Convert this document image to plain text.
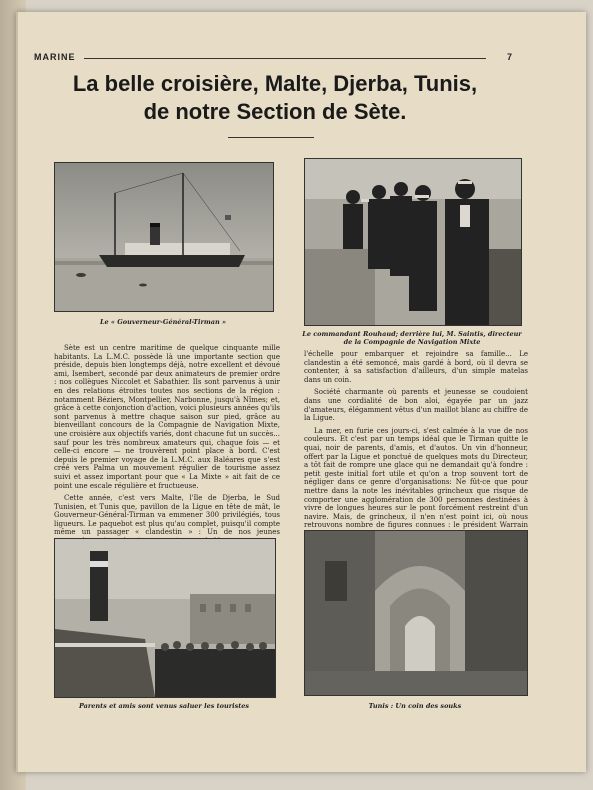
MARINE	7
La belle croisière, Malte, Djerba, Tunis,
de notre Section de Sète.
Le « Gouverneur-Général-Tirman »
Le commandant Rouhaud; derrière lui, M. Saintis, directeur
de la Compagnie de Navigation Mixte

Sète est un centre maritime de quelque cinquante mille habitants. La L.M.C. possède là une importante section que préside, depuis bien longtemps déjà, notre excellent et dévoué ami, Isembert, secondé par deux animateurs de premier ordre : nos collègues Niccolet et Sabathier. Ils sont parvenus à unir en des relations étroites toutes nos sections de la région : notamment Béziers, Montpellier, Narbonne, jusqu'à Nîmes; et, grâce à cette conjonction d'action, voici plusieurs années qu'ils sont parvenus à mettre chaque saison sur pied, grâce au bienveillant concours de la Compagnie de Navigation Mixte, une croisière aux objectifs variés, dont chacune fut un succès... sauf pour les très nombreux amateurs qui, chaque fois — et celle-ci encore — ne trouvèrent point place à bord. C'est depuis le premier voyage de la L.M.C. aux Baléares que s'est créé vers Palma un mouvement régulier de tourisme assez suivi et assez important pour que « La Mixte » ait fait de ce point une escale régulière et fructueuse.

Cette année, c'est vers Malte, l'île de Djerba, le Sud Tunisien, et Tunis que, pavillon de la Ligue en tête de mât, le Gouverneur-Général-Tirman va emmener 300 privilégiés, tous ligueurs. Le paquebot est plus qu'au complet, puisqu'il compte même un passager « clandestin » : Un de nos jeunes

l'échelle pour embarquer et rejoindre sa famille... Le clandestin a été semoncé, mais gardé à bord, où il devra se contenter, à sa satisfaction d'ailleurs, d'un simple matelas dans un coin.

Société charmante où parents et jeunesse se coudoient dans une cordialité de bon aloi, égayée par un jazz d'amateurs, élégamment vêtus d'un maillot blanc au chiffre de la Ligue.

La mer, en furie ces jours-ci, s'est calmée à la vue de nos couleurs. Et c'est par un temps idéal que le Tirman quitte le quai, noir de parents, d'amis, et d'autos. Un vin d'honneur, offert par la Ligue et ponctué de quelques mots du Directeur, a tôt fait de rompre une glace qui ne demandait qu'à fondre : petit geste initial fort utile et qu'on a trop souvent tort de négliger dans ce genre d'organisations: Ne fût-ce que pour mettre dans la note les inévitables grincheux que risque de comporter une agglomération de 300 personnes destinées à vivre de longues heures sur le pont forcément restreint d'un navire. Mais, de grincheux, il n'en n'est point ici, où nous retrouvons nombre de figures connues : le président Warrain

Parents et amis sont venus saluer les touristes	Tunis : Un coin des souks
